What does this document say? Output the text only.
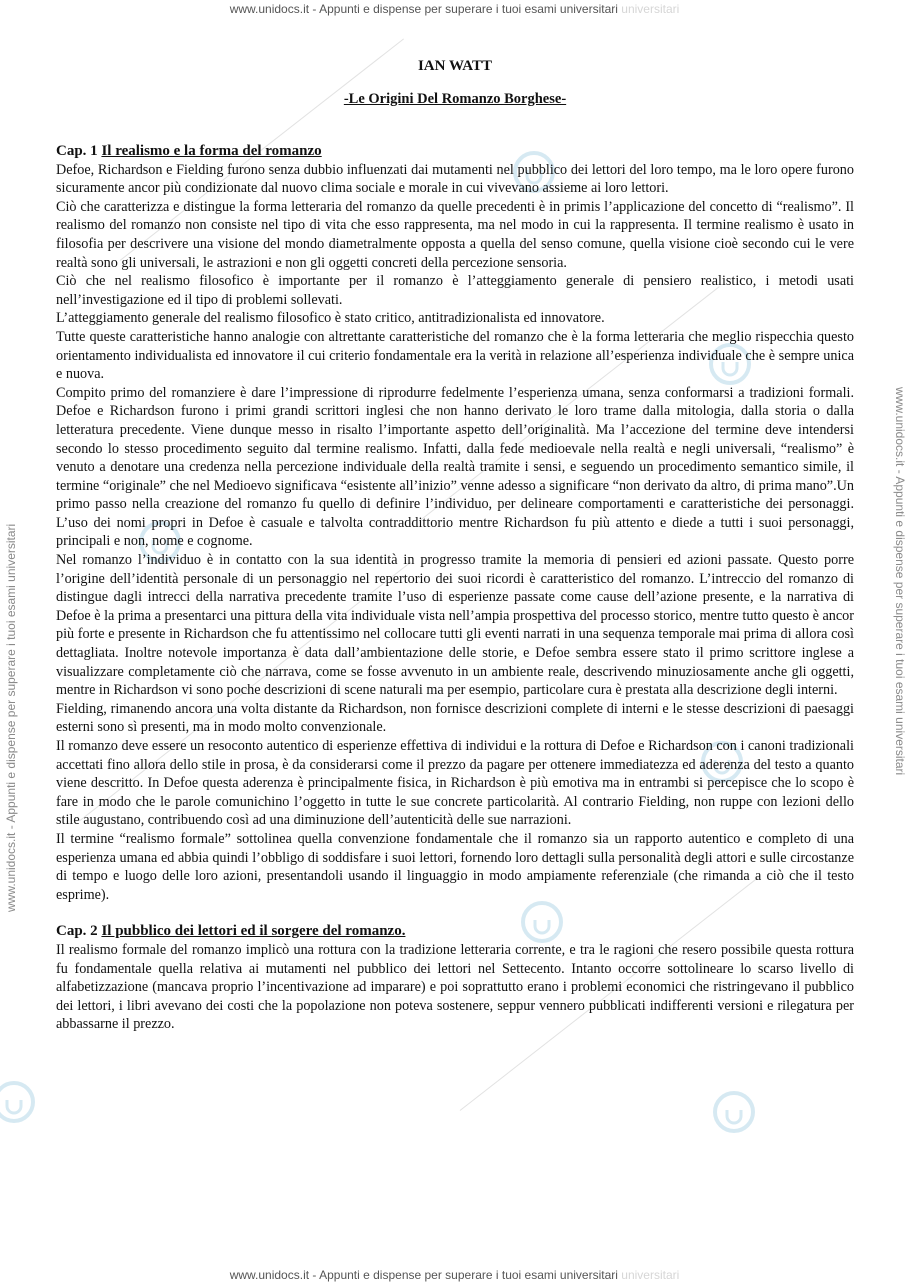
www.unidocs.it - Appunti e dispense per superare i tuoi esami universitari universitari
www.unidocs.it - Appunti e dispense per superare i tuoi esami universitari universitari
www.unidocs.it - Appunti e dispense per superare i tuoi esami universitari	www.unidocs.it - Appunti e dispense per superare i tuoi esami universitari
IAN WATT
-Le Origini Del Romanzo Borghese-
Cap. 1 Il realismo e la forma del romanzo

Defoe, Richardson e Fielding furono senza dubbio influenzati dai mutamenti nel pubblico dei lettori del loro tempo, ma le loro opere furono sicuramente ancor più condizionate dal nuovo clima sociale e morale in cui vivevano assieme ai loro lettori.

Ciò che caratterizza e distingue la forma letteraria del romanzo da quelle precedenti è in primis l’applicazione del concetto di “realismo”. Il realismo del romanzo non consiste nel tipo di vita che esso rappresenta, ma nel modo in cui la rappresenta. Il termine realismo è usato in filosofia per descrivere una visione del mondo diametralmente opposta a quella del senso comune, quella visione cioè secondo cui le vere realtà sono gli universali, le astrazioni e non gli oggetti concreti della percezione sensoria.

Ciò che nel realismo filosofico è importante per il romanzo è l’atteggiamento generale di pensiero realistico, i metodi usati nell’investigazione ed il tipo di problemi sollevati.

L’atteggiamento generale del realismo filosofico è stato critico, antitradizionalista ed innovatore.

Tutte queste caratteristiche hanno analogie con altrettante caratteristiche del romanzo che è la forma letteraria che meglio rispecchia questo orientamento individualista ed innovatore il cui criterio fondamentale era la verità in relazione all’esperienza individuale che è sempre unica e nuova.

Compito primo del romanziere è dare l’impressione di riprodurre fedelmente l’esperienza umana, senza conformarsi a tradizioni formali. Defoe e Richardson furono i primi grandi scrittori inglesi che non hanno derivato le loro trame dalla mitologia, dalla storia o dalla letteratura precedente. Viene dunque messo in risalto l’importante aspetto dell’originalità. Ma l’accezione del termine deve intendersi secondo lo stesso procedimento seguito dal termine realismo. Infatti, dalla fede medioevale nella realtà e negli universali, “realismo” è venuto a denotare una credenza nella percezione individuale della realtà tramite i sensi, e seguendo un procedimento semantico simile, il termine “originale” che nel Medioevo significava “esistente all’inizio” venne adesso a significare “non derivato da altro, di prima mano”.Un primo passo nella creazione del romanzo fu quello di definire l’individuo, per delineare comportamenti e caratteristiche dei personaggi. L’uso dei nomi propri in Defoe è casuale e talvolta contraddittorio mentre Richardson fu più attento e diede a tutti i suoi personaggi, principali e non, nome e cognome.

Nel romanzo l’individuo è in contatto con la sua identità in progresso tramite la memoria di pensieri ed azioni passate. Questo porre l’origine dell’identità personale di un personaggio nel repertorio dei suoi ricordi è caratteristico del romanzo. L’intreccio del romanzo di distingue dagli intrecci della narrativa precedente tramite l’uso di esperienze passate come cause dell’azione presente, e la narrativa di Defoe è la prima a presentarci una pittura della vita individuale vista nell’ampia prospettiva del processo storico, mentre tutto questo è ancor più forte e presente in Richardson che fu attentissimo nel collocare tutti gli eventi narrati in una sequenza temporale mai prima di allora così dettagliata. Inoltre notevole importanza è data dall’ambientazione delle storie, e Defoe sembra essere stato il primo scrittore inglese a visualizzare completamente ciò che narrava, come se fosse avvenuto in un ambiente reale, descrivendo minuziosamente anche gli oggetti, mentre in Richardson vi sono poche descrizioni di scene naturali ma per esempio, particolare cura è prestata alla descrizione degli interni.

Fielding, rimanendo ancora una volta distante da Richardson, non fornisce descrizioni complete di interni e le stesse descrizioni di paesaggi esterni sono sì presenti, ma in modo molto convenzionale.

Il romanzo deve essere un resoconto autentico di esperienze effettiva di individui e la rottura di Defoe e Richardson con i canoni tradizionali accettati fino allora dello stile in prosa, è da considerarsi come il prezzo da pagare per ottenere immediatezza ed aderenza del testo a quanto viene descritto. In Defoe questa aderenza è principalmente fisica, in Richardson è più emotiva ma in entrambi si percepisce che lo scopo è fare in modo che le parole comunichino l’oggetto in tutte le sue concrete particolarità. Al contrario Fielding, non ruppe con lezioni dello stile augustano, contribuendo così ad una diminuzione dell’autenticità delle sue narrazioni.

Il termine “realismo formale” sottolinea quella convenzione fondamentale che il romanzo sia un rapporto autentico e completo di una esperienza umana ed abbia quindi l’obbligo di soddisfare i suoi lettori, fornendo loro dettagli sulla personalità degli attori e sulle circostanze di tempo e luogo delle loro azioni, presentandoli usando il linguaggio in modo ampiamente referenziale (che rimanda a ciò che il testo esprime).

Cap. 2 Il pubblico dei lettori ed il sorgere del romanzo.

Il realismo formale del romanzo implicò una rottura con la tradizione letteraria corrente, e tra le ragioni che resero possibile questa rottura fu fondamentale quella relativa ai mutamenti nel pubblico dei lettori nel Settecento. Intanto occorre sottolineare lo scarso livello di alfabetizzazione (mancava proprio l’incentivazione ad imparare) e poi soprattutto erano i problemi economici che ristringevano il pubblico dei lettori, i libri avevano dei costi che la popolazione non poteva sostenere, seppur vennero pubblicati indifferenti versioni e rilegatura per abbassarne il prezzo.
